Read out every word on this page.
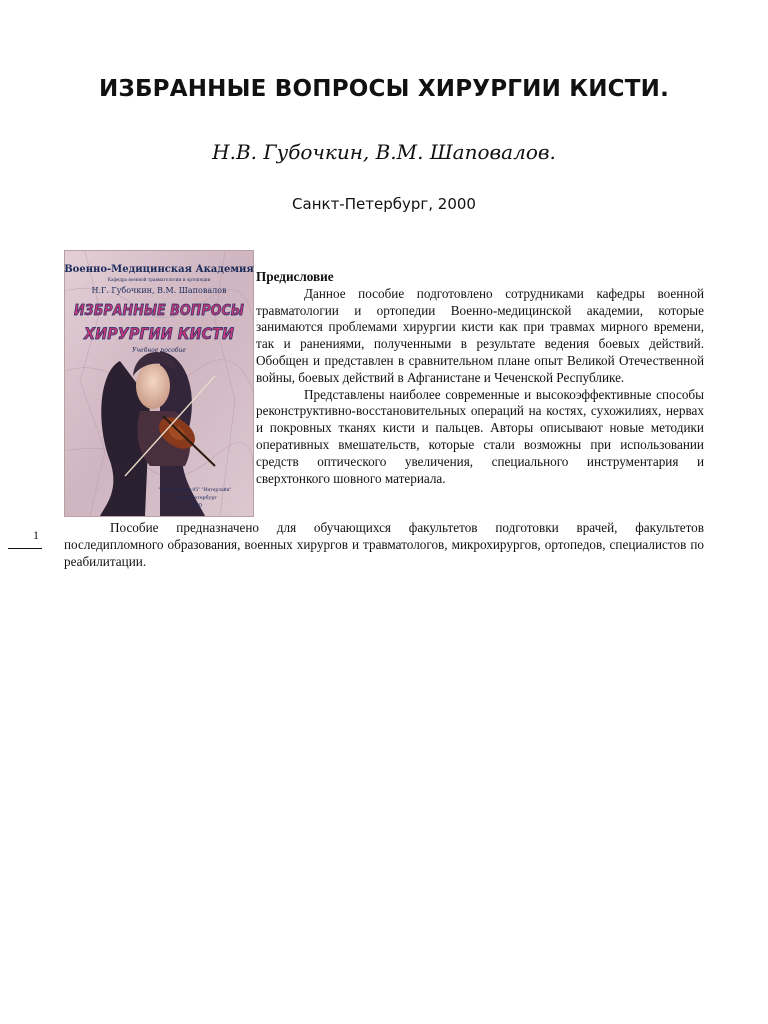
ИЗБРАННЫЕ ВОПРОСЫ ХИРУРГИИ КИСТИ.
Н.В. Губочкин, В.М. Шаповалов.
Санкт-Петербург, 2000
Военно-Медицинская Академия
Кафедра военной травматологии и ортопедии
Н.Г. Губочкин, В.М. Шаповалов
ИЗБРАННЫЕ ВОПРОСЫ
ХИРУРГИИ КИСТИ
Учебное пособие
"Мир и Семья-95" "Интерлайн"
Санкт-Петербург
2000
Предисловие

Данное пособие подготовлено сотрудниками кафедры военной травматологии и ортопедии Военно-медицинской академии, которые занимаются проблемами хирургии кисти как при травмах мирного времени, так и ранениями, полученными в результате ведения боевых действий. Обобщен и представлен в сравнительном плане опыт Великой Отечественной войны, боевых действий в Афганистане и Чеченской Республике.

Представлены наиболее современные и высокоэффективные способы реконструктивно-восстановительных операций на костях, сухожилиях, нервах и покровных тканях кисти и пальцев. Авторы описывают новые методики оперативных вмешательств, которые стали возможны при использовании средств оптического увеличения, специального инструментария и сверхтонкого шовного материала.

Пособие предназначено для обучающихся факультетов подготовки врачей, факультетов последипломного образования, военных хирургов и травматологов, микрохирургов, ортопедов, специалистов по реабилитации.

1
